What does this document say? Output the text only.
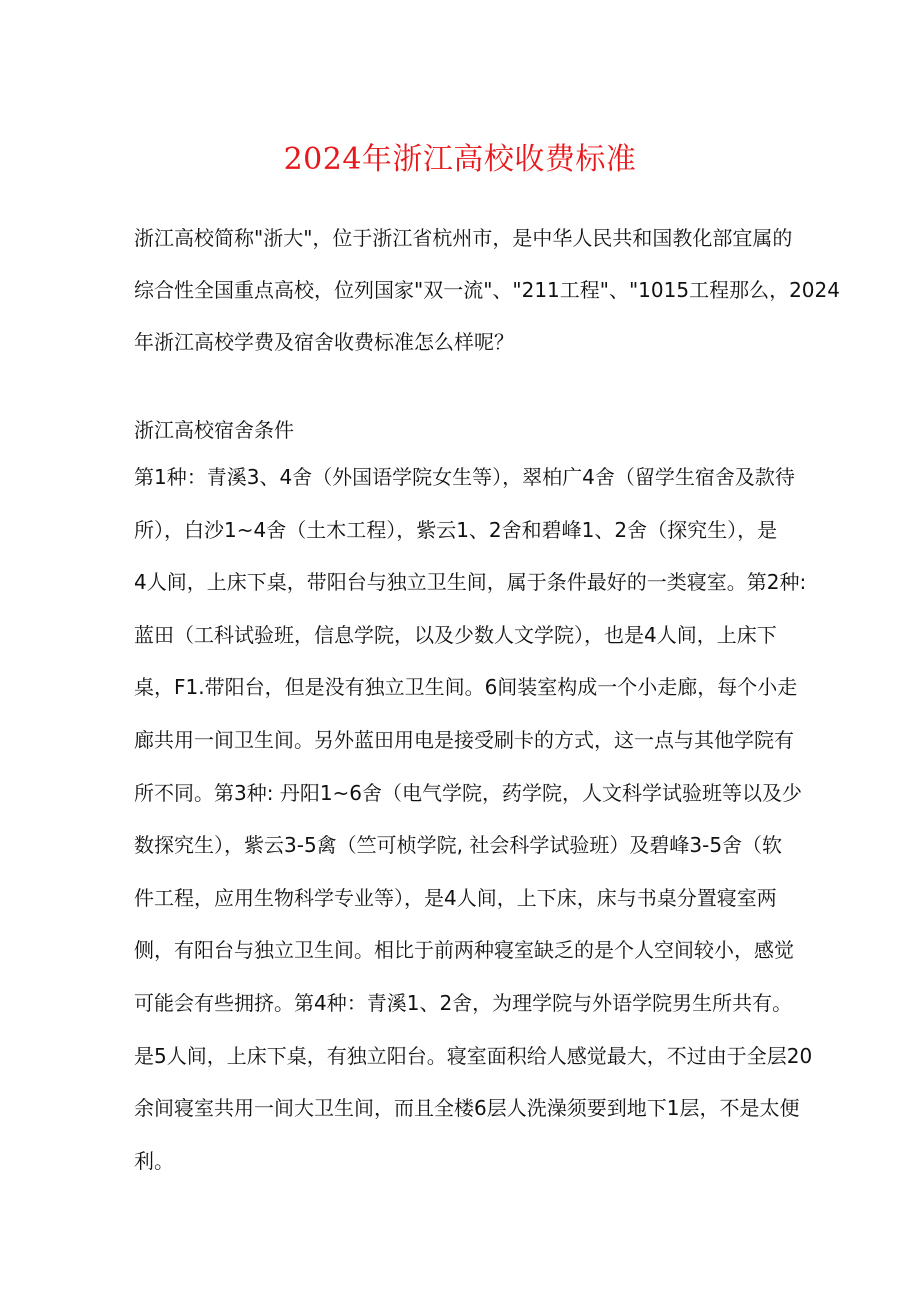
2024年浙江高校收费标准
浙江高校简称"浙大"，位于浙江省杭州市，是中华人民共和国教化部宜属的
综合性全国重点高校，位列国家"双一流"、"211工程"、"1015工程那么，2024
年浙江高校学费及宿舍收费标准怎么样呢？
浙江高校宿舍条件
第1种：青溪3、4舍（外国语学院女生等），翠柏广4舍（留学生宿舍及款待
所），白沙1~4舍（土木工程），紫云1、2舍和碧峰1、2舍（探究生），是
4人间，上床下桌，带阳台与独立卫生间，属于条件最好的一类寝室。第2种:
蓝田（工科试验班，信息学院，以及少数人文学院），也是4人间，上床下
桌，F1.带阳台，但是没有独立卫生间。6间装室构成一个小走廊，每个小走
廊共用一间卫生间。另外蓝田用电是接受刷卡的方式，这一点与其他学院有
所不同。第3种: 丹阳1~6舍（电气学院，药学院，人文科学试验班等以及少
数探究生），紫云3-5禽（竺可桢学院, 社会科学试验班）及碧峰3-5舍（软
件工程，应用生物科学专业等），是4人间，上下床，床与书桌分置寝室两
侧，有阳台与独立卫生间。相比于前两种寝室缺乏的是个人空间较小，感觉
可能会有些拥挤。第4种：青溪1、2舍，为理学院与外语学院男生所共有。
是5人间，上床下桌，有独立阳台。寝室面积给人感觉最大，不过由于全层20
余间寝室共用一间大卫生间，而且全楼6层人洗澡须要到地下1层，不是太便
利。
